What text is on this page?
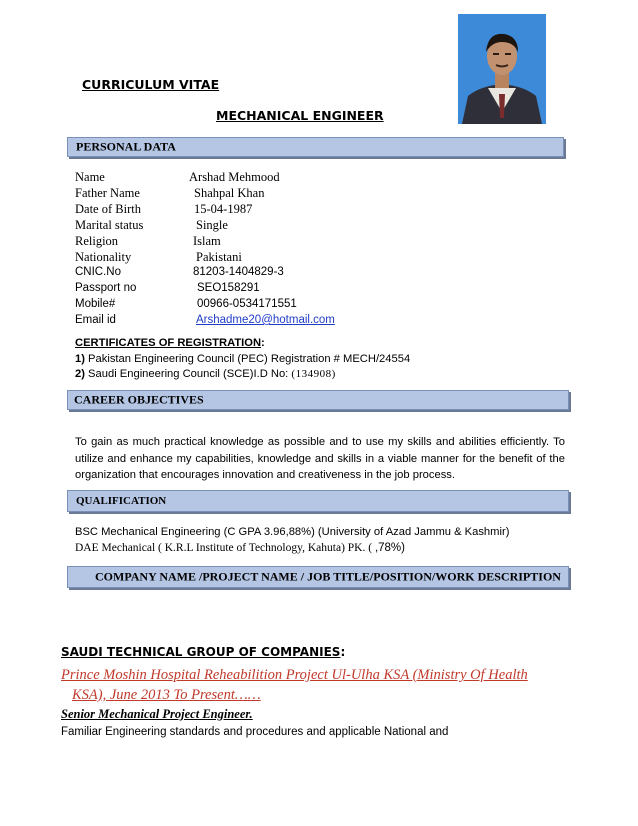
CURRICULUM VITAE
MECHANICAL ENGINEER
PERSONAL DATA
Name	Arshad Mehmood
Father Name	Shahpal Khan
Date of Birth	15-04-1987
Marital status	Single
Religion	Islam
Nationality	Pakistani
CNIC.No	81203-1404829-3
Passport no	SEO158291
Mobile#	00966-0534171551
Email id	Arshadme20@hotmail.com
CERTIFICATES OF REGISTRATION:
1) Pakistan Engineering Council (PEC) Registration # MECH/24554
2) Saudi Engineering Council (SCE)I.D No: (134908)
CAREER OBJECTIVES
To gain as much practical knowledge as possible and to use my skills and abilities efficiently. To utilize and enhance my capabilities, knowledge and skills in a viable manner for the benefit of the organization that encourages innovation and creativeness in the job process.
QUALIFICATION
BSC Mechanical Engineering (C GPA 3.96,88%) (University of Azad Jammu & Kashmir)
DAE Mechanical ( K.R.L Institute of Technology, Kahuta) PK. ( ,78%)
COMPANY NAME /PROJECT NAME / JOB TITLE/POSITION/WORK DESCRIPTION
SAUDI TECHNICAL GROUP OF COMPANIES:
Prince Moshin Hospital Reheabilition Project Ul-Ulha KSA (Ministry Of Health
KSA), June 2013 To Present……
Senior Mechanical Project Engineer.
Familiar Engineering standards and procedures and applicable National and
